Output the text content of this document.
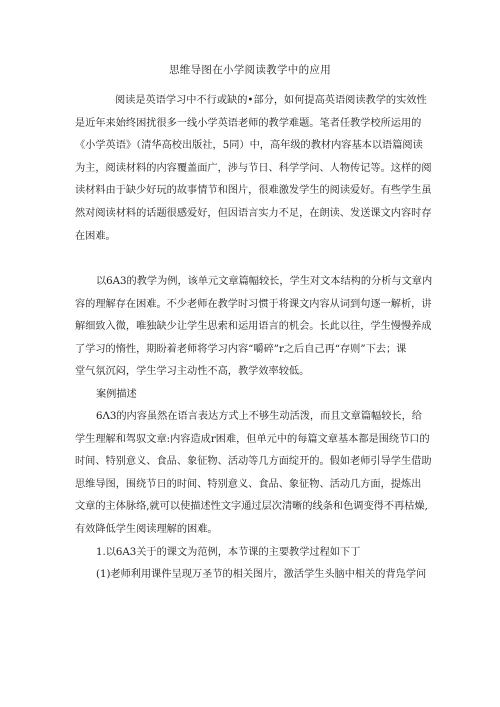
思维导图在小学阅读教学中的应用
阅读是英语学习中不行或缺的•部分，如何提高英语阅读教学的实效性
是近年来始终困扰很多一线小学英语老师的教学难题。笔者任教学校所运用的
《小学英语》（清华高校出版社，5同）中，高年级的教材内容基本以语篇阅读
为主，阅读材料的内容覆盖面广，涉与节日、科学学问、人物传记等。这样的阅
读材料由于缺少好玩的故事情节和图片，很难激发学生的阅读爱好。有些学生虽
然对阅读材料的话题很感爱好，但因语言实力不足，在朗读、发送课文内容时存
在困难。
以6A3的教学为例，该单元文章篇幅较长，学生对文本结构的分析与文章内
容的理解存在困难。不少老师在教学时习惯于将课文内容从词到句逐一解析，讲
解细致入微，唯独缺少让学生思索和运用语言的机会。长此以往，学生慢慢养成
了学习的惰性，期盼着老师将学习内容“嚼碎”r之后自己再“存则”下去；课
堂气氛沉闷，学生学习主动性不高，教学效率较低。
案例描述
6Λ3的内容虽然在语言表达方式上不够生动活泼，而且文章篇幅较长，给
学生理解和驾驭文章:内容造成r困难，但单元中的每篇文章基本都是围绕节口的
时间、特别意义、食品、象征物、活动等几方面绽开的。假如老师引导学生借助
思维导图，围绕节日的时间、特别意义、食品、象征物、活动几方面，提炼出
文章的主体脉络,就可以使描述性文字通过层次清晰的线条和色调变得不再枯燥,
有效降低学生阅读理解的困难。
1.以6A3关于的课文为范例，本节课的主要教学过程如下丁
(1)老师利用课件呈现万圣节的相关图片，激活学生头脑中相关的背凫学问
